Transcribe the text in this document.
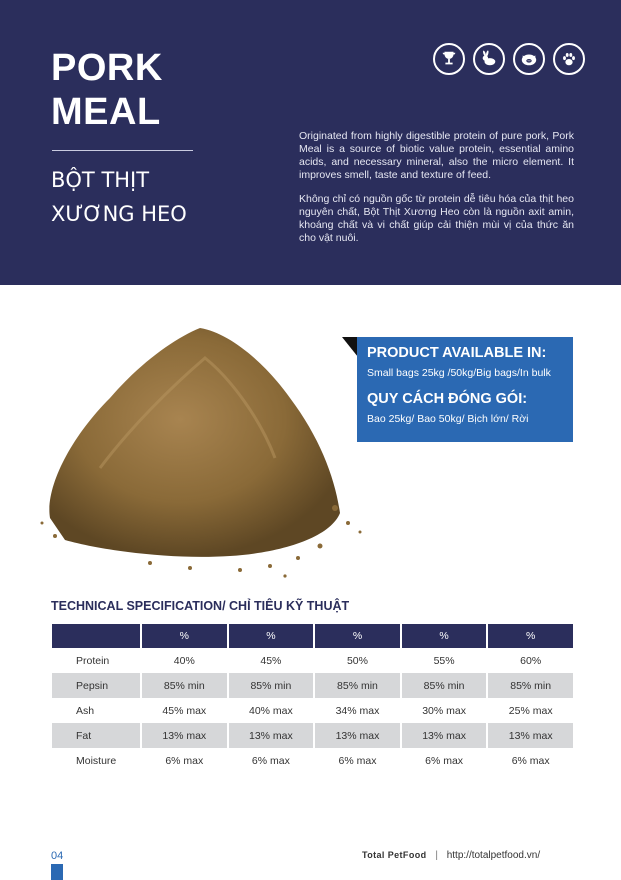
PORK
MEAL
BỘT THỊT
XƯƠNG HEO

Originated from highly digestible protein of pure pork, Pork Meal is a source of biotic value protein, essential amino acids, and necessary mineral, also the micro element. It improves smell, taste and texture of feed.

Không chỉ có nguồn gốc từ protein dễ tiêu hóa của thịt heo nguyên chất, Bột Thịt Xương Heo còn là nguồn axit amin, khoáng chất và vi chất giúp cải thiện mùi vị của thức ăn cho vật nuôi.

PRODUCT AVAILABLE IN:
Small bags 25kg /50kg/Big bags/In bulk
QUY CÁCH ĐÓNG GÓI:
Bao 25kg/ Bao 50kg/ Bịch lớn/ Rời
TECHNICAL SPECIFICATION/ CHỈ TIÊU KỸ THUẬT
	%	%	%	%	%
Protein	40%	45%	50%	55%	60%
Pepsin	85% min	85% min	85% min	85% min	85% min
Ash	45% max	40% max	34% max	30% max	25% max
Fat	13% max	13% max	13% max	13% max	13% max
Moisture	6% max	6% max	6% max	6% max	6% max
04	Total PetFood | http://totalpetfood.vn/
